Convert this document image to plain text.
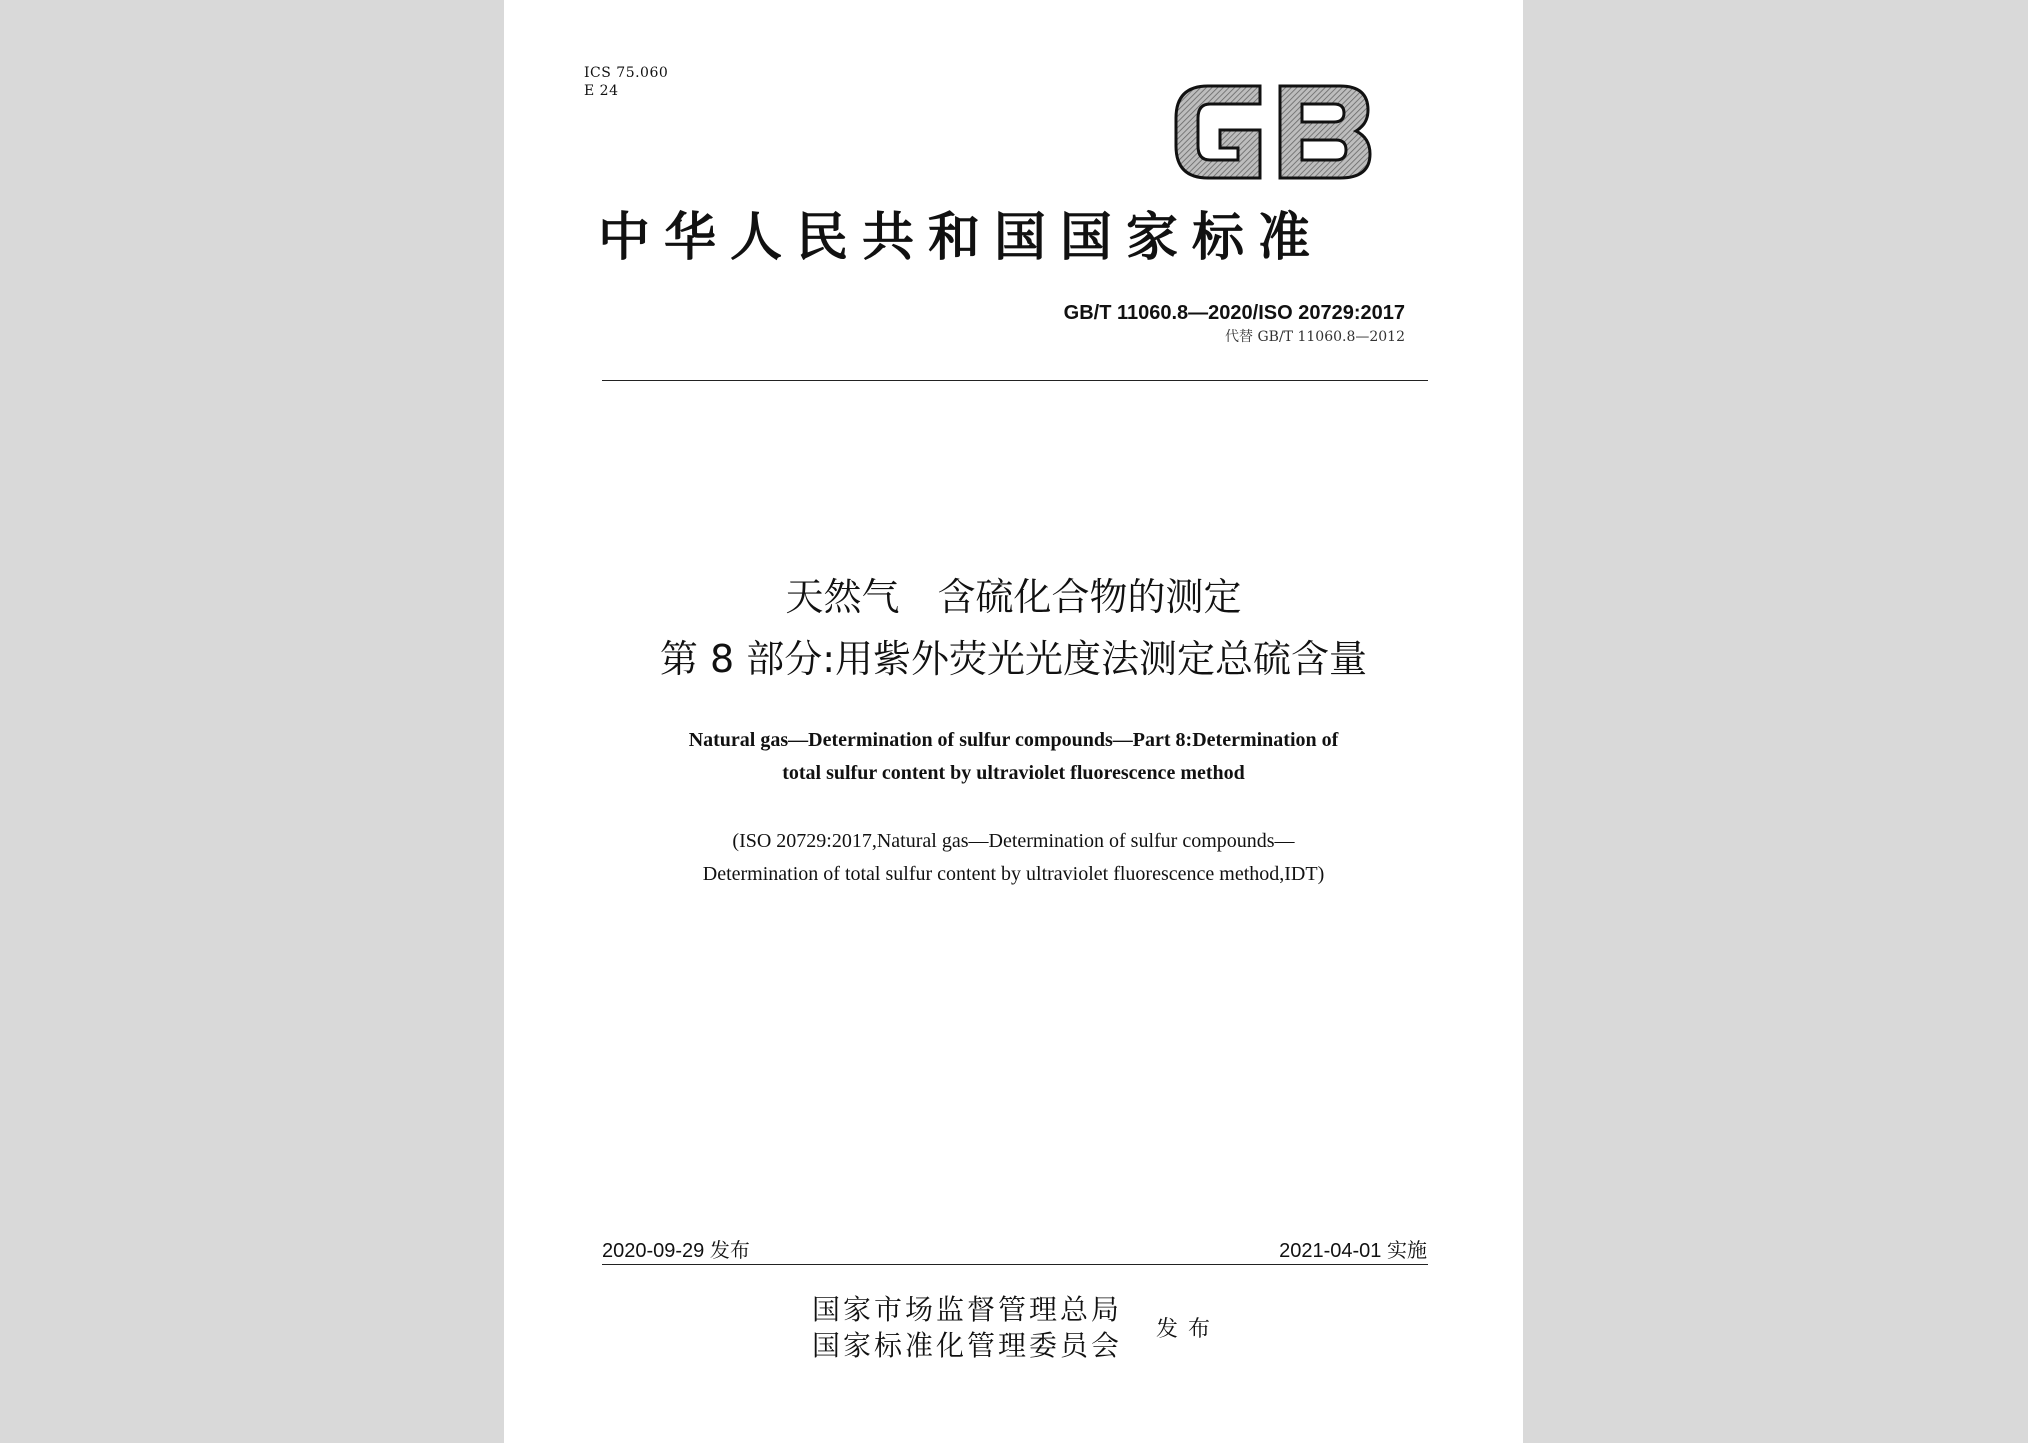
ICS 75.060
E 24
中华人民共和国国家标准
GB/T 11060.8—2020/ISO 20729:2017
代替 GB/T 11060.8—2012
天然气　含硫化合物的测定
第 8 部分:用紫外荧光光度法测定总硫含量
Natural gas—Determination of sulfur compounds—Part 8:Determination of
total sulfur content by ultraviolet fluorescence method
(ISO 20729:2017,Natural gas—Determination of sulfur compounds—
Determination of total sulfur content by ultraviolet fluorescence method,IDT)
2020-09-29 发布	2021-04-01 实施
国家市场监督管理总局
国家标准化管理委员会 发布
